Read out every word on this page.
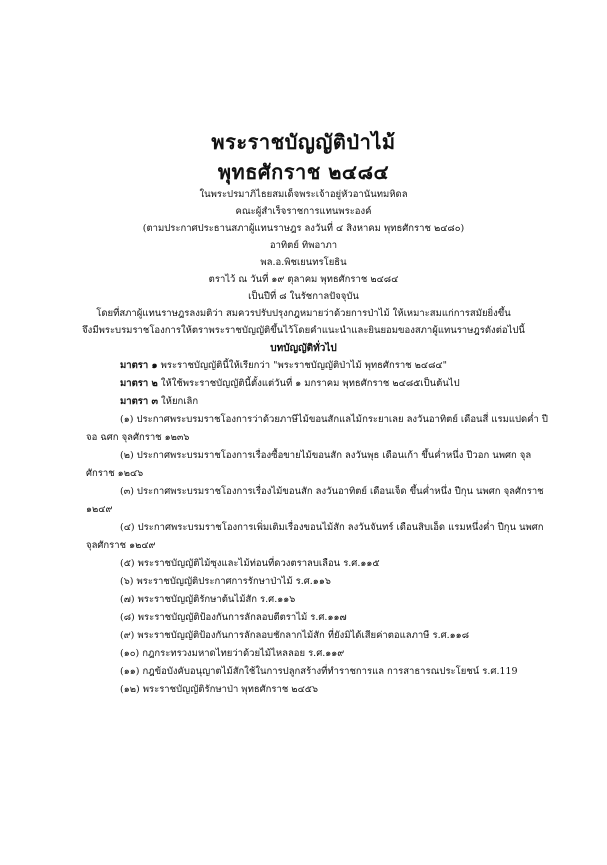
พระราชบัญญัติป่าไม้
พุทธศักราช ๒๔๘๔
ในพระปรมาภิไธยสมเด็จพระเจ้าอยู่หัวอานันทมหิดล
คณะผู้สำเร็จราชการแทนพระองค์
(ตามประกาศประธานสภาผู้แทนราษฎร ลงวันที่ ๔ สิงหาคม พุทธศักราช ๒๔๘๐)
อาทิตย์ ทิพอาภา
พล.อ.พิชเยนทรโยธิน
ตราไว้ ณ วันที่ ๑๙ ตุลาคม พุทธศักราช ๒๔๘๔
เป็นปีที่ ๘ ในรัชกาลปัจจุบัน
โดยที่สภาผู้แทนราษฎรลงมติว่า สมควรปรับปรุงกฎหมายว่าด้วยการป่าไม้ ให้เหมาะสมแก่การสมัยยิ่งขึ้น
จึงมีพระบรมราชโองการให้ตราพระราชบัญญัติขึ้นไว้โดยคำแนะนำและยินยอมของสภาผู้แทนราษฎรดังต่อไปนี้
บทบัญญัติทั่วไป
มาตรา ๑ พระราชบัญญัตินี้ให้เรียกว่า "พระราชบัญญัติป่าไม้ พุทธศักราช ๒๔๘๔"
มาตรา ๒ ให้ใช้พระราชบัญญัตินี้ตั้งแต่วันที่ ๑ มกราคม พุทธศักราช ๒๔๘๕เป็นต้นไป
มาตรา ๓ ให้ยกเลิก
(๑) ประกาศพระบรมราชโองการว่าด้วยภาษีไม้ขอนสักแลไม้กระยาเลย ลงวันอาทิตย์ เดือนสี่ แรมแปดค่ำ ปี
จอ ฉศก จุลศักราช ๑๒๓๖
(๒) ประกาศพระบรมราชโองการเรื่องซื้อขายไม้ขอนสัก ลงวันพุธ เดือนเก้า ขึ้นค่ำหนึ่ง ปีวอก นพศก จุล
ศักราช ๑๒๔๖
(๓) ประกาศพระบรมราชโองการเรื่องไม้ขอนสัก ลงวันอาทิตย์ เดือนเจ็ด ขึ้นค่ำหนึ่ง ปีกุน นพศก จุลศักราช
๑๒๔๙
(๔) ประกาศพระบรมราชโองการเพิ่มเติมเรื่องขอนไม้สัก ลงวันจันทร์ เดือนสิบเอ็ด แรมหนึ่งค่ำ ปีกุน นพศก
จุลศักราช ๑๒๔๙
(๕) พระราชบัญญัติไม้ซุงและไม้ท่อนที่ดวงตราลบเลือน ร.ศ.๑๑๕
(๖) พระราชบัญญัติประกาศการรักษาป่าไม้ ร.ศ.๑๑๖
(๗) พระราชบัญญัติรักษาต้นไม้สัก ร.ศ.๑๑๖
(๘) พระราชบัญญัติป้องกันการลักลอบตีตราไม้ ร.ศ.๑๑๗
(๙) พระราชบัญญัติป้องกันการลักลอบชักลากไม้สัก ที่ยังมิได้เสียค่าตอแลภาษี ร.ศ.๑๑๘
(๑๐) กฎกระทรวงมหาดไทยว่าด้วยไม้ไหลลอย ร.ศ.๑๑๙
(๑๑) กฎข้อบังคับอนุญาตไม้สักใช้ในการปลูกสร้างที่ทำราชการแล การสาธารณประโยชน์ ร.ศ.119
(๑๒) พระราชบัญญัติรักษาป่า พุทธศักราช ๒๔๕๖
